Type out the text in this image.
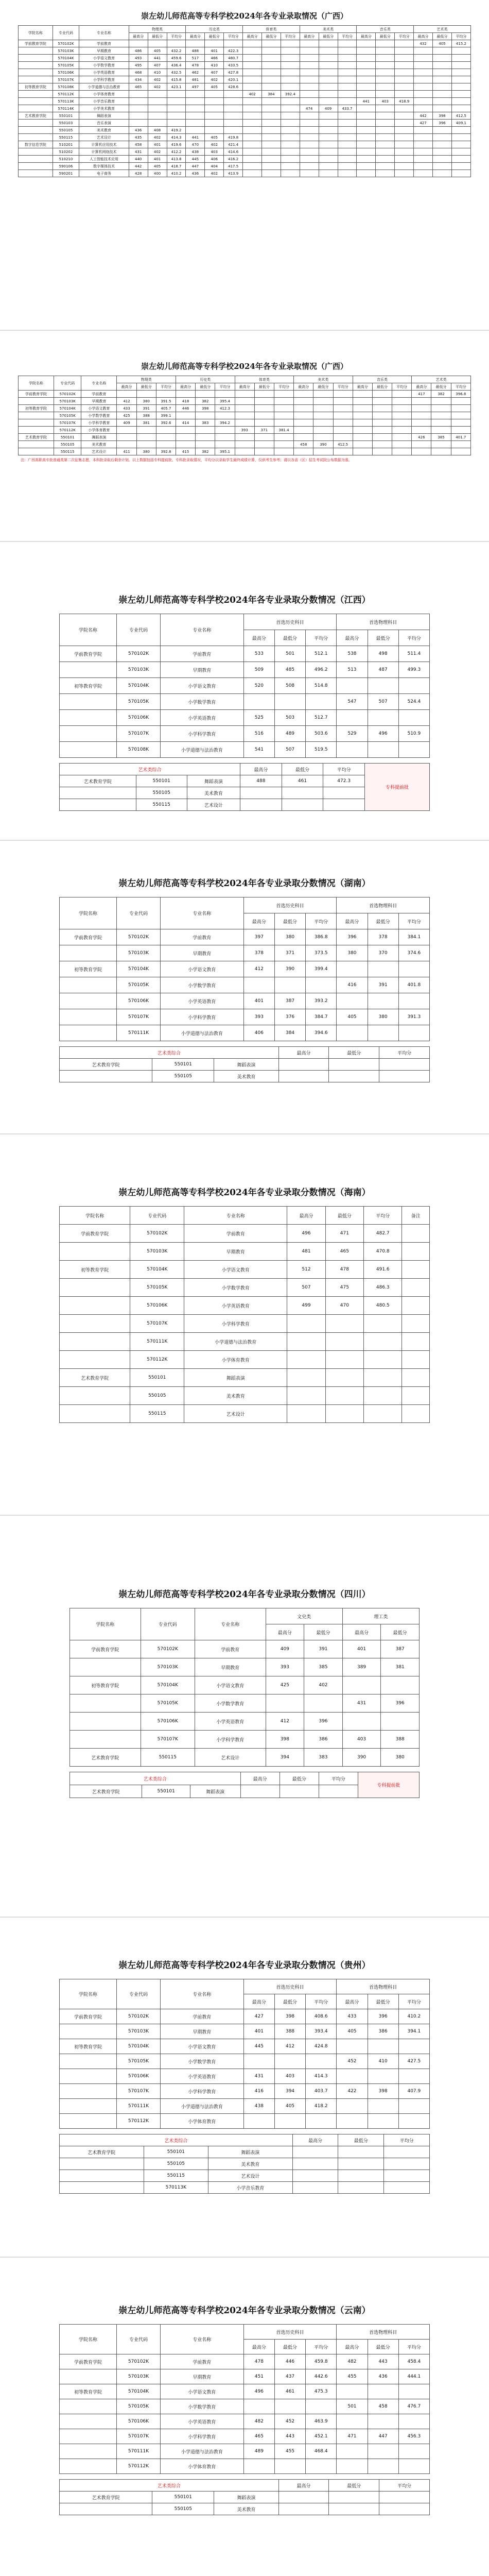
崇左幼儿师范高等专科学校2024年各专业录取情况（广西）
学院名称	专业代码	专业名称	物理类			历史类			体育类			美术类			音乐类			艺术类		
			最高分	最低分	平均分	最高分	最低分	平均分	最高分	最低分	平均分	最高分	最低分	平均分	最高分	最低分	平均分	最高分	最低分	平均分
学前教育学院	570102K	学前教育																432	405	415.2
	570103K	早期教育	486	405	432.2	488	401	422.3												
	570104K	小学语文教育	493	441	459.6	517	466	480.7												
	570105K	小学数学教育	495	407	436.4	478	410	433.5												
	570106K	小学英语教育	468	410	432.5	462	407	427.8												
	570107K	小学科学教育	434	402	415.8	481	402	420.1												
初等教育学院	570108K	小学道德与法治教育	465	402	423.1	497	405	428.6												
	570112K	小学体育教育							402	384	392.4									
	570113K	小学音乐教育													441	403	418.9			
	570114K	小学美术教育										474	409	433.7						
艺术教育学院	550101	舞蹈表演																442	398	412.5
	550103	音乐表演																427	396	409.1
	550105	美术教育	436	408	419.2															
	550115	艺术设计	435	402	414.3	441	405	419.8												
数字信息学院	510201	计算机应用技术	458	401	419.6	470	402	421.4												
	510202	计算机网络技术	431	402	412.2	438	403	414.6												
	510210	人工智能技术应用	440	401	413.8	445	406	416.2												
	590106	数字媒体技术	442	405	418.7	447	404	417.5												
	590201	电子商务	428	400	410.2	436	402	413.9												
崇左幼儿师范高等专科学校2024年各专业录取情况（广西）
学院名称	专业代码	专业名称	物理类			历史类			体育类			美术类			音乐类			艺术类		
			最高分	最低分	平均分	最高分	最低分	平均分	最高分	最低分	平均分	最高分	最低分	平均分	最高分	最低分	平均分	最高分	最低分	平均分
学前教育学院	570102K	学前教育																417	382	396.8
	570103K	早期教育	412	380	391.5	418	382	395.4												
初等教育学院	570104K	小学语文教育	433	391	405.7	446	398	412.3												
	570105K	小学数学教育	425	388	399.1															
	570107K	小学科学教育	409	381	392.6	414	383	394.2												
	570112K	小学体育教育							393	371	381.4									
艺术教育学院	550101	舞蹈表演																426	385	401.7
	550105	美术教育										458	390	412.5						
	550115	艺术设计	411	380	392.8	415	382	395.1												
注：广西高职高专批普通类第二次征集志愿，本科批录取后剩余计划。以上数据包括专科提前批、专科批录取情况，平均分以录取学生最终成绩计算，仅供考生参考；请以各省（区）招生考试院公布数据为准。
崇左幼儿师范高等专科学校2024年各专业录取分数情况（江西）
学院名称	专业代码	专业名称	首选历史科目			首选物理科目		
			最高分	最低分	平均分	最高分	最低分	平均分
学前教育学院	570102K	学前教育	533	501	512.1	538	498	511.4
	570103K	早期教育	509	485	496.2	513	487	499.3
初等教育学院	570104K	小学语文教育	520	508	514.8			
	570105K	小学数学教育				547	507	524.4
	570106K	小学英语教育	525	503	512.7			
	570107K	小学科学教育	516	489	503.6	529	496	510.9
	570108K	小学道德与法治教育	541	507	519.5			
艺术类综合			最高分	最低分	平均分	专科提前批
艺术教育学院	550101	舞蹈表演	488	461	472.3	
	550105	美术教育				
	550115	艺术设计				
崇左幼儿师范高等专科学校2024年各专业录取分数情况（湖南）
学院名称	专业代码	专业名称	首选历史科目			首选物理科目		
			最高分	最低分	平均分	最高分	最低分	平均分
学前教育学院	570102K	学前教育	397	380	386.8	396	378	384.1
	570103K	早期教育	378	371	373.5	380	370	374.6
初等教育学院	570104K	小学语文教育	412	390	399.4			
	570105K	小学数学教育				416	391	401.8
	570106K	小学英语教育	401	387	393.2			
	570107K	小学科学教育	393	376	384.7	405	380	391.3
	570111K	小学道德与法治教育	406	384	394.6			
艺术类综合			最高分	最低分	平均分
艺术教育学院	550101	舞蹈表演			
	550105	美术教育			
崇左幼儿师范高等专科学校2024年各专业录取分数情况（海南）
学院名称	专业代码	专业名称	最高分	最低分	平均分	备注
学前教育学院	570102K	学前教育	496	471	482.7	
	570103K	早期教育	481	465	470.8	
初等教育学院	570104K	小学语文教育	512	478	491.6	
	570105K	小学数学教育	507	475	486.3	
	570106K	小学英语教育	499	470	480.5	
	570107K	小学科学教育				
	570111K	小学道德与法治教育				
	570112K	小学体育教育				
艺术教育学院	550101	舞蹈表演				
	550105	美术教育				
	550115	艺术设计				
崇左幼儿师范高等专科学校2024年各专业录取分数情况（四川）
学院名称	专业代码	专业名称	文史类		理工类	
			最高分	最低分	最高分	最低分
学前教育学院	570102K	学前教育	409	391	401	387
	570103K	早期教育	393	385	389	381
初等教育学院	570104K	小学语文教育	425	402		
	570105K	小学数学教育			431	396
	570106K	小学英语教育	412	396		
	570107K	小学科学教育	398	386	403	388
艺术教育学院	550115	艺术设计	394	383	390	380
艺术类综合			最高分	最低分	平均分	专科提前批
艺术教育学院	550101	舞蹈表演				
崇左幼儿师范高等专科学校2024年各专业录取分数情况（贵州）
学院名称	专业代码	专业名称	首选历史科目			首选物理科目		
			最高分	最低分	平均分	最高分	最低分	平均分
学前教育学院	570102K	学前教育	427	398	408.6	433	396	410.2
	570103K	早期教育	401	388	393.4	405	386	394.1
初等教育学院	570104K	小学语文教育	445	412	424.8			
	570105K	小学数学教育				452	410	427.5
	570106K	小学英语教育	431	403	414.3			
	570107K	小学科学教育	416	394	403.7	422	398	407.9
	570111K	小学道德与法治教育	438	405	418.2			
	570112K	小学体育教育						
艺术类综合			最高分	最低分	平均分
艺术教育学院	550101	舞蹈表演			
	550105	美术教育			
	550115	艺术设计			
	570113K	小学音乐教育			
崇左幼儿师范高等专科学校2024年各专业录取分数情况（云南）
学院名称	专业代码	专业名称	首选历史科目			首选物理科目		
			最高分	最低分	平均分	最高分	最低分	平均分
学前教育学院	570102K	学前教育	478	446	459.8	482	443	458.4
	570103K	早期教育	451	437	442.6	455	436	444.1
初等教育学院	570104K	小学语文教育	496	461	475.3			
	570105K	小学数学教育				501	458	476.7
	570106K	小学英语教育	482	452	463.9			
	570107K	小学科学教育	465	443	452.1	471	447	456.3
	570111K	小学道德与法治教育	489	455	468.4			
	570112K	小学体育教育						
艺术类综合			最高分	最低分	平均分
艺术教育学院	550101	舞蹈表演			
	550105	美术教育			
